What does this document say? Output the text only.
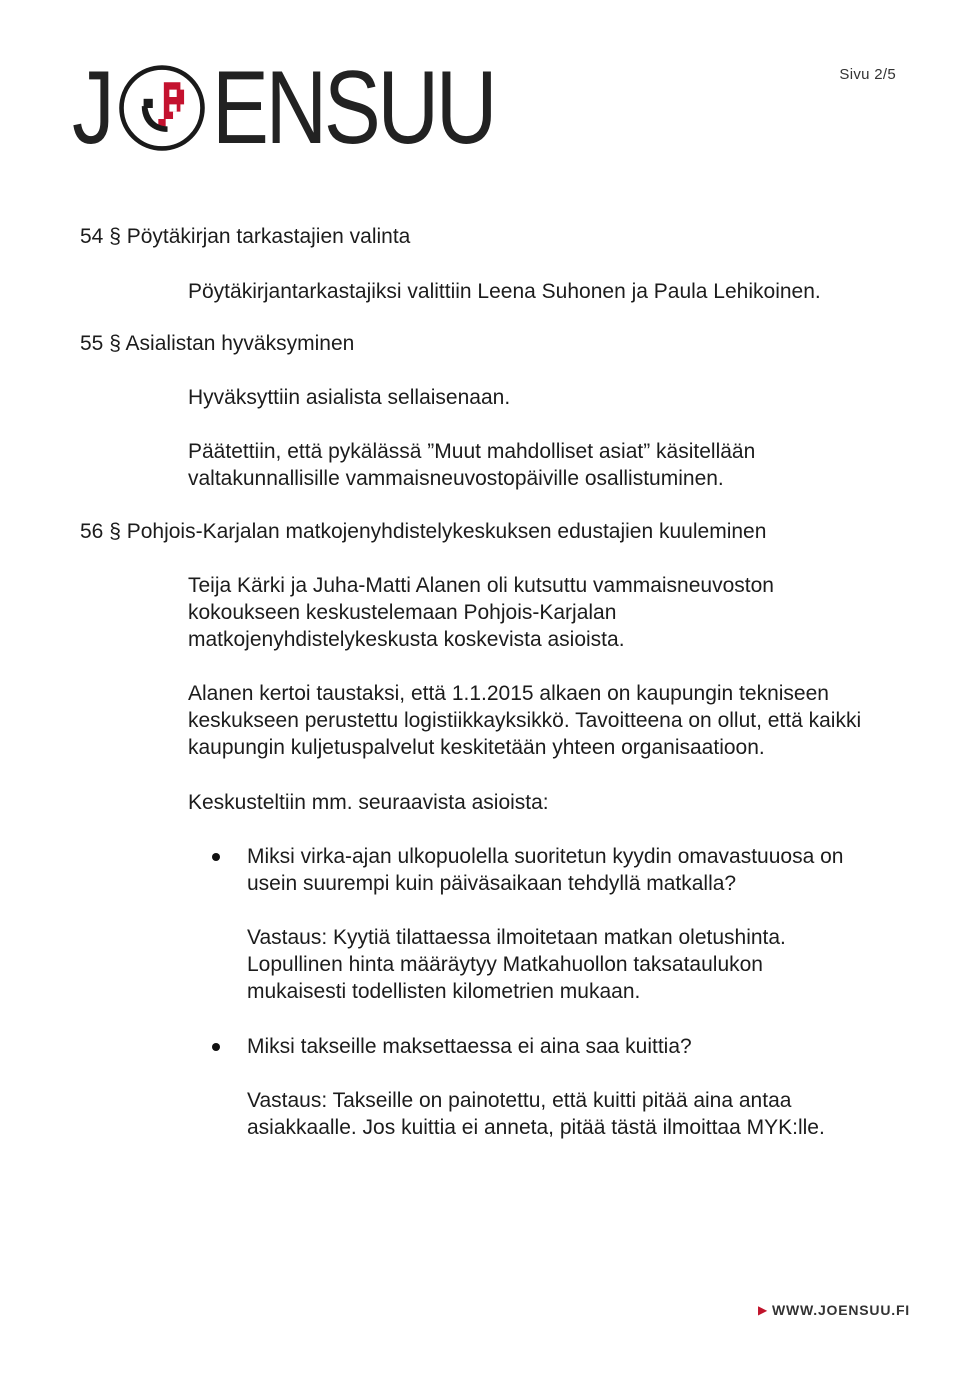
J ENSUU	Sivu 2/5
54 § Pöytäkirjan tarkastajien valinta

Pöytäkirjantarkastajiksi valittiin Leena Suhonen ja Paula Lehikoinen.

55 § Asialistan hyväksyminen

Hyväksyttiin asialista sellaisenaan.

Päätettiin, että pykälässä ”Muut mahdolliset asiat” käsitellään valtakunnallisille vammaisneuvostopäiville osallistuminen.

56 § Pohjois-Karjalan matkojenyhdistelykeskuksen edustajien kuuleminen

Teija Kärki ja Juha-Matti Alanen oli kutsuttu vammaisneuvoston kokoukseen keskustelemaan Pohjois-Karjalan matkojenyhdistelykeskusta koskevista asioista.

Alanen kertoi taustaksi, että 1.1.2015 alkaen on kaupungin tekniseen keskukseen perustettu logistiikkayksikkö. Tavoitteena on ollut, että kaikki kaupungin kuljetuspalvelut keskitetään yhteen organisaatioon.

Keskusteltiin mm. seuraavista asioista:

Miksi virka-ajan ulkopuolella suoritetun kyydin omavastuuosa on usein suurempi kuin päiväsaikaan tehdyllä matkalla?
Vastaus: Kyytiä tilattaessa ilmoitetaan matkan oletushinta. Lopullinen hinta määräytyy Matkahuollon taksataulukon mukaisesti todellisten kilometrien mukaan.
Miksi takseille maksettaessa ei aina saa kuittia?
Vastaus: Takseille on painotettu, että kuitti pitää aina antaa asiakkaalle. Jos kuittia ei anneta, pitää tästä ilmoittaa MYK:lle.
▶ WWW.JOENSUU.FI
